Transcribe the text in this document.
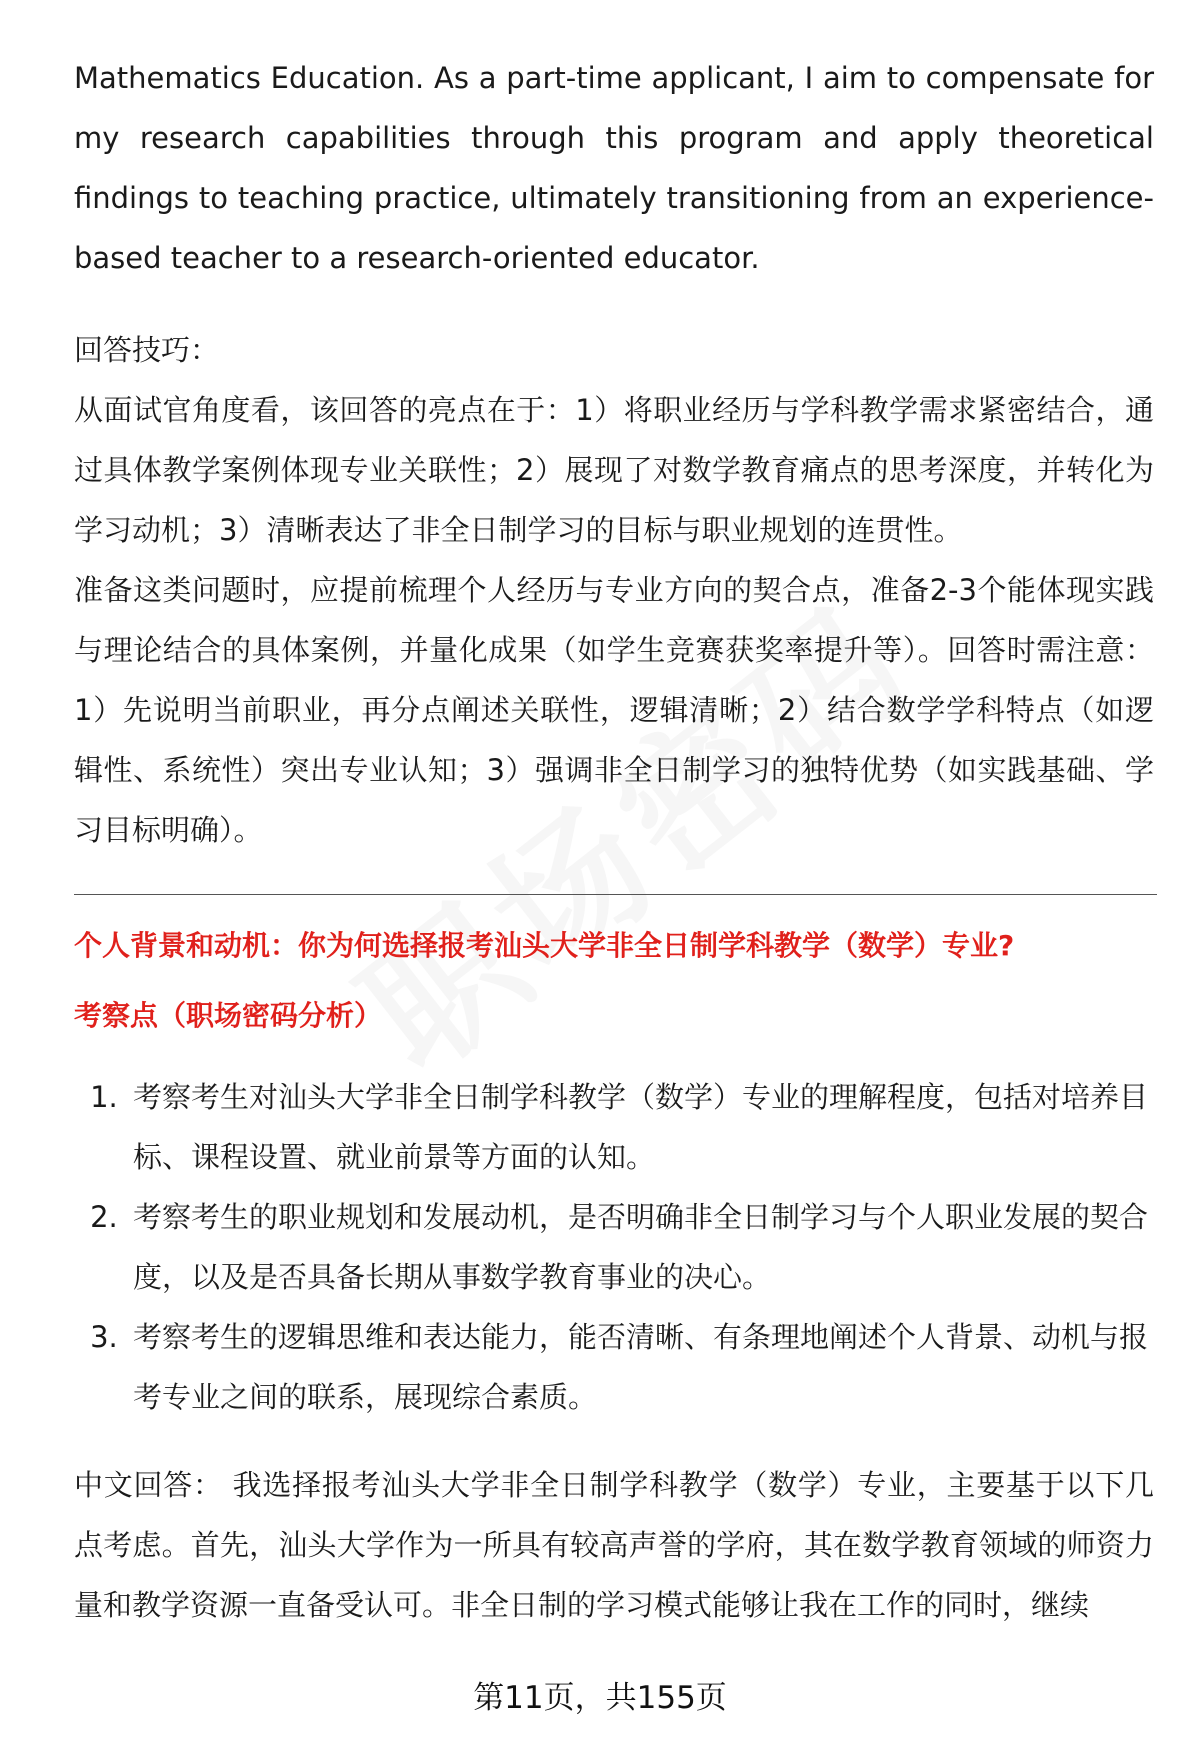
Mathematics Education. As a part-time applicant, I aim to compensate for my research capabilities through this program and apply theoretical findings to teaching practice, ultimately transitioning from an experience-based teacher to a research-oriented educator.

回答技巧：

从面试官角度看，该回答的亮点在于：1）将职业经历与学科教学需求紧密结合，通过具体教学案例体现专业关联性；2）展现了对数学教育痛点的思考深度，并转化为学习动机；3）清晰表达了非全日制学习的目标与职业规划的连贯性。

准备这类问题时，应提前梳理个人经历与专业方向的契合点，准备2-3个能体现实践与理论结合的具体案例，并量化成果（如学生竞赛获奖率提升等）。回答时需注意：1）先说明当前职业，再分点阐述关联性，逻辑清晰；2）结合数学学科特点（如逻辑性、系统性）突出专业认知；3）强调非全日制学习的独特优势（如实践基础、学习目标明确）。

个人背景和动机：你为何选择报考汕头大学非全日制学科教学（数学）专业?

考察点（职场密码分析）

1. 考察考生对汕头大学非全日制学科教学（数学）专业的理解程度，包括对培养目标、课程设置、就业前景等方面的认知。
2. 考察考生的职业规划和发展动机，是否明确非全日制学习与个人职业发展的契合度，以及是否具备长期从事数学教育事业的决心。
3. 考察考生的逻辑思维和表达能力，能否清晰、有条理地阐述个人背景、动机与报考专业之间的联系，展现综合素质。

中文回答： 我选择报考汕头大学非全日制学科教学（数学）专业，主要基于以下几点考虑。首先，汕头大学作为一所具有较高声誉的学府，其在数学教育领域的师资力量和教学资源一直备受认可。非全日制的学习模式能够让我在工作的同时，继续

第11页，共155页
